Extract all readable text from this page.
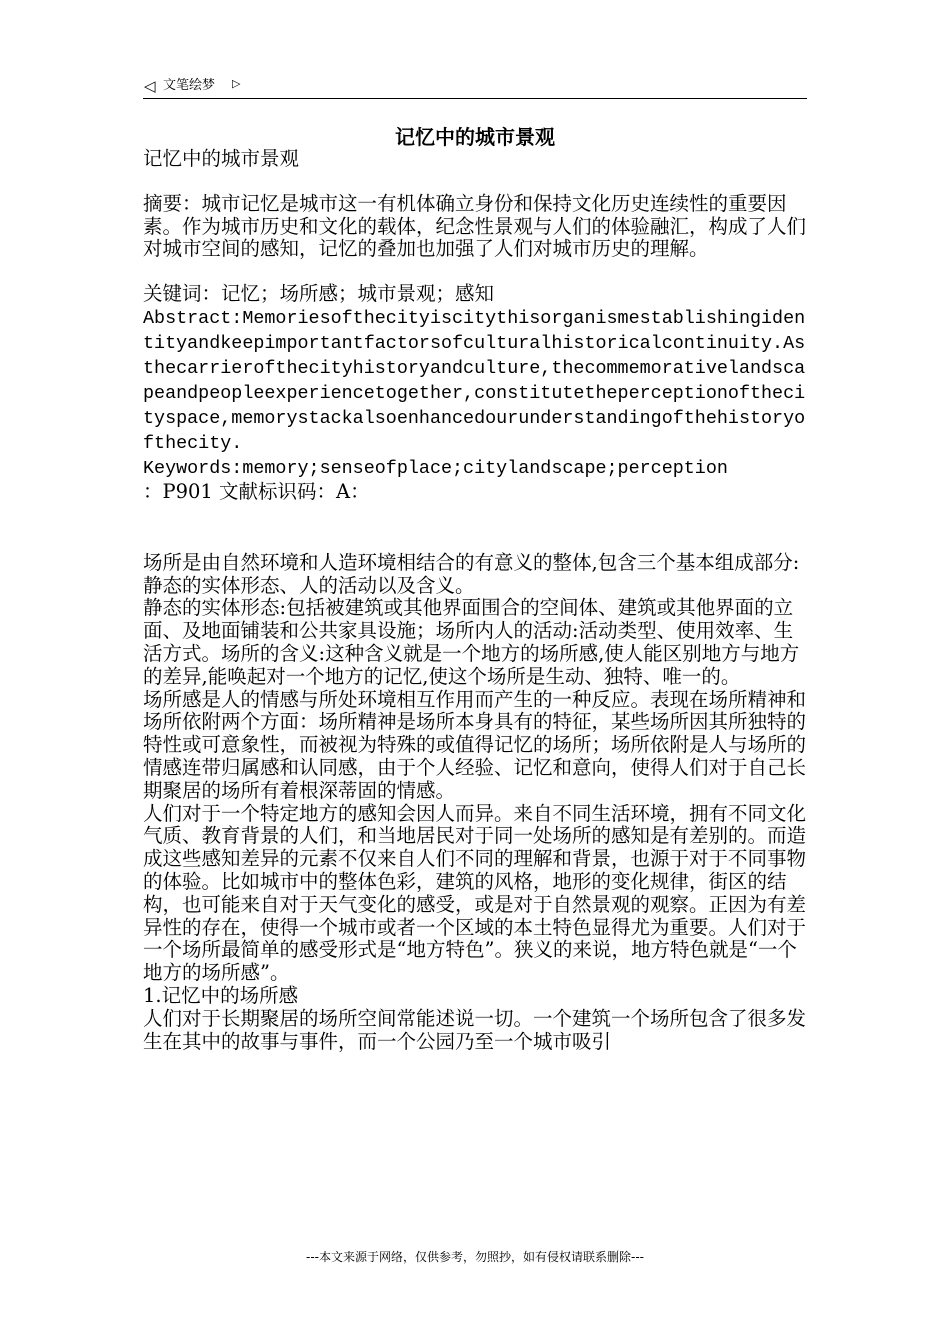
◁ 文笔绘梦 ▷
记忆中的城市景观

记忆中的城市景观

摘要：城市记忆是城市这一有机体确立身份和保持文化历史连续性的重要因素。作为城市历史和文化的载体，纪念性景观与人们的体验融汇，构成了人们对城市空间的感知，记忆的叠加也加强了人们对城市历史的理解。

关键词：记忆；场所感；城市景观；感知

Abstract:Memoriesofthecityiscitythisorganismestablishingidentityandkeepimportantfactorsofculturalhistoricalcontinuity.Asthecarrierofthecityhistoryandculture,thecommemorativelandscapeandpeopleexperiencetogether,constitutetheperceptionofthecityspace,memorystackalsoenhancedourunderstandingofthehistoryofthecity.

Keywords:memory;senseofplace;citylandscape;perception

：P901 文献标识码：A：

场所是由自然环境和人造环境相结合的有意义的整体,包含三个基本组成部分:静态的实体形态、人的活动以及含义。

静态的实体形态:包括被建筑或其他界面围合的空间体、建筑或其他界面的立面、及地面铺装和公共家具设施；场所内人的活动:活动类型、使用效率、生活方式。场所的含义:这种含义就是一个地方的场所感,使人能区别地方与地方的差异,能唤起对一个地方的记忆,使这个场所是生动、独特、唯一的。

场所感是人的情感与所处环境相互作用而产生的一种反应。表现在场所精神和场所依附两个方面：场所精神是场所本身具有的特征，某些场所因其所独特的特性或可意象性，而被视为特殊的或值得记忆的场所；场所依附是人与场所的情感连带归属感和认同感，由于个人经验、记忆和意向，使得人们对于自己长期聚居的场所有着根深蒂固的情感。

人们对于一个特定地方的感知会因人而异。来自不同生活环境，拥有不同文化气质、教育背景的人们，和当地居民对于同一处场所的感知是有差别的。而造成这些感知差异的元素不仅来自人们不同的理解和背景，也源于对于不同事物的体验。比如城市中的整体色彩，建筑的风格，地形的变化规律，街区的结构，也可能来自对于天气变化的感受，或是对于自然景观的观察。正因为有差异性的存在，使得一个城市或者一个区域的本土特色显得尤为重要。人们对于一个场所最简单的感受形式是“地方特色”。狭义的来说，地方特色就是“一个地方的场所感”。

1.记忆中的场所感

人们对于长期聚居的场所空间常能述说一切。一个建筑一个场所包含了很多发生在其中的故事与事件，而一个公园乃至一个城市吸引

---本文来源于网络，仅供参考，勿照抄，如有侵权请联系删除---
